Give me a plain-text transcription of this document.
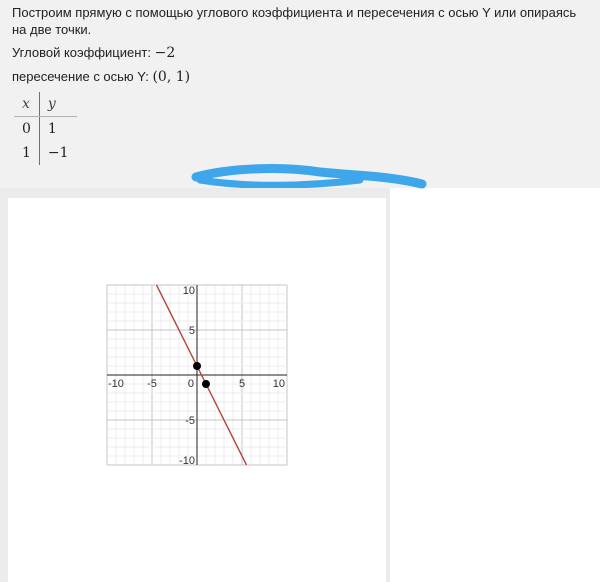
Построим прямую с помощью углового коэффициента и пересечения с осью Y или опираясь на две точки.

Угловой коэффициент: −2
пересечение с осью Y: (0, 1)
x	y
0	1
1	−1
-10 -5	0	5	10
10
5
-5
-10
